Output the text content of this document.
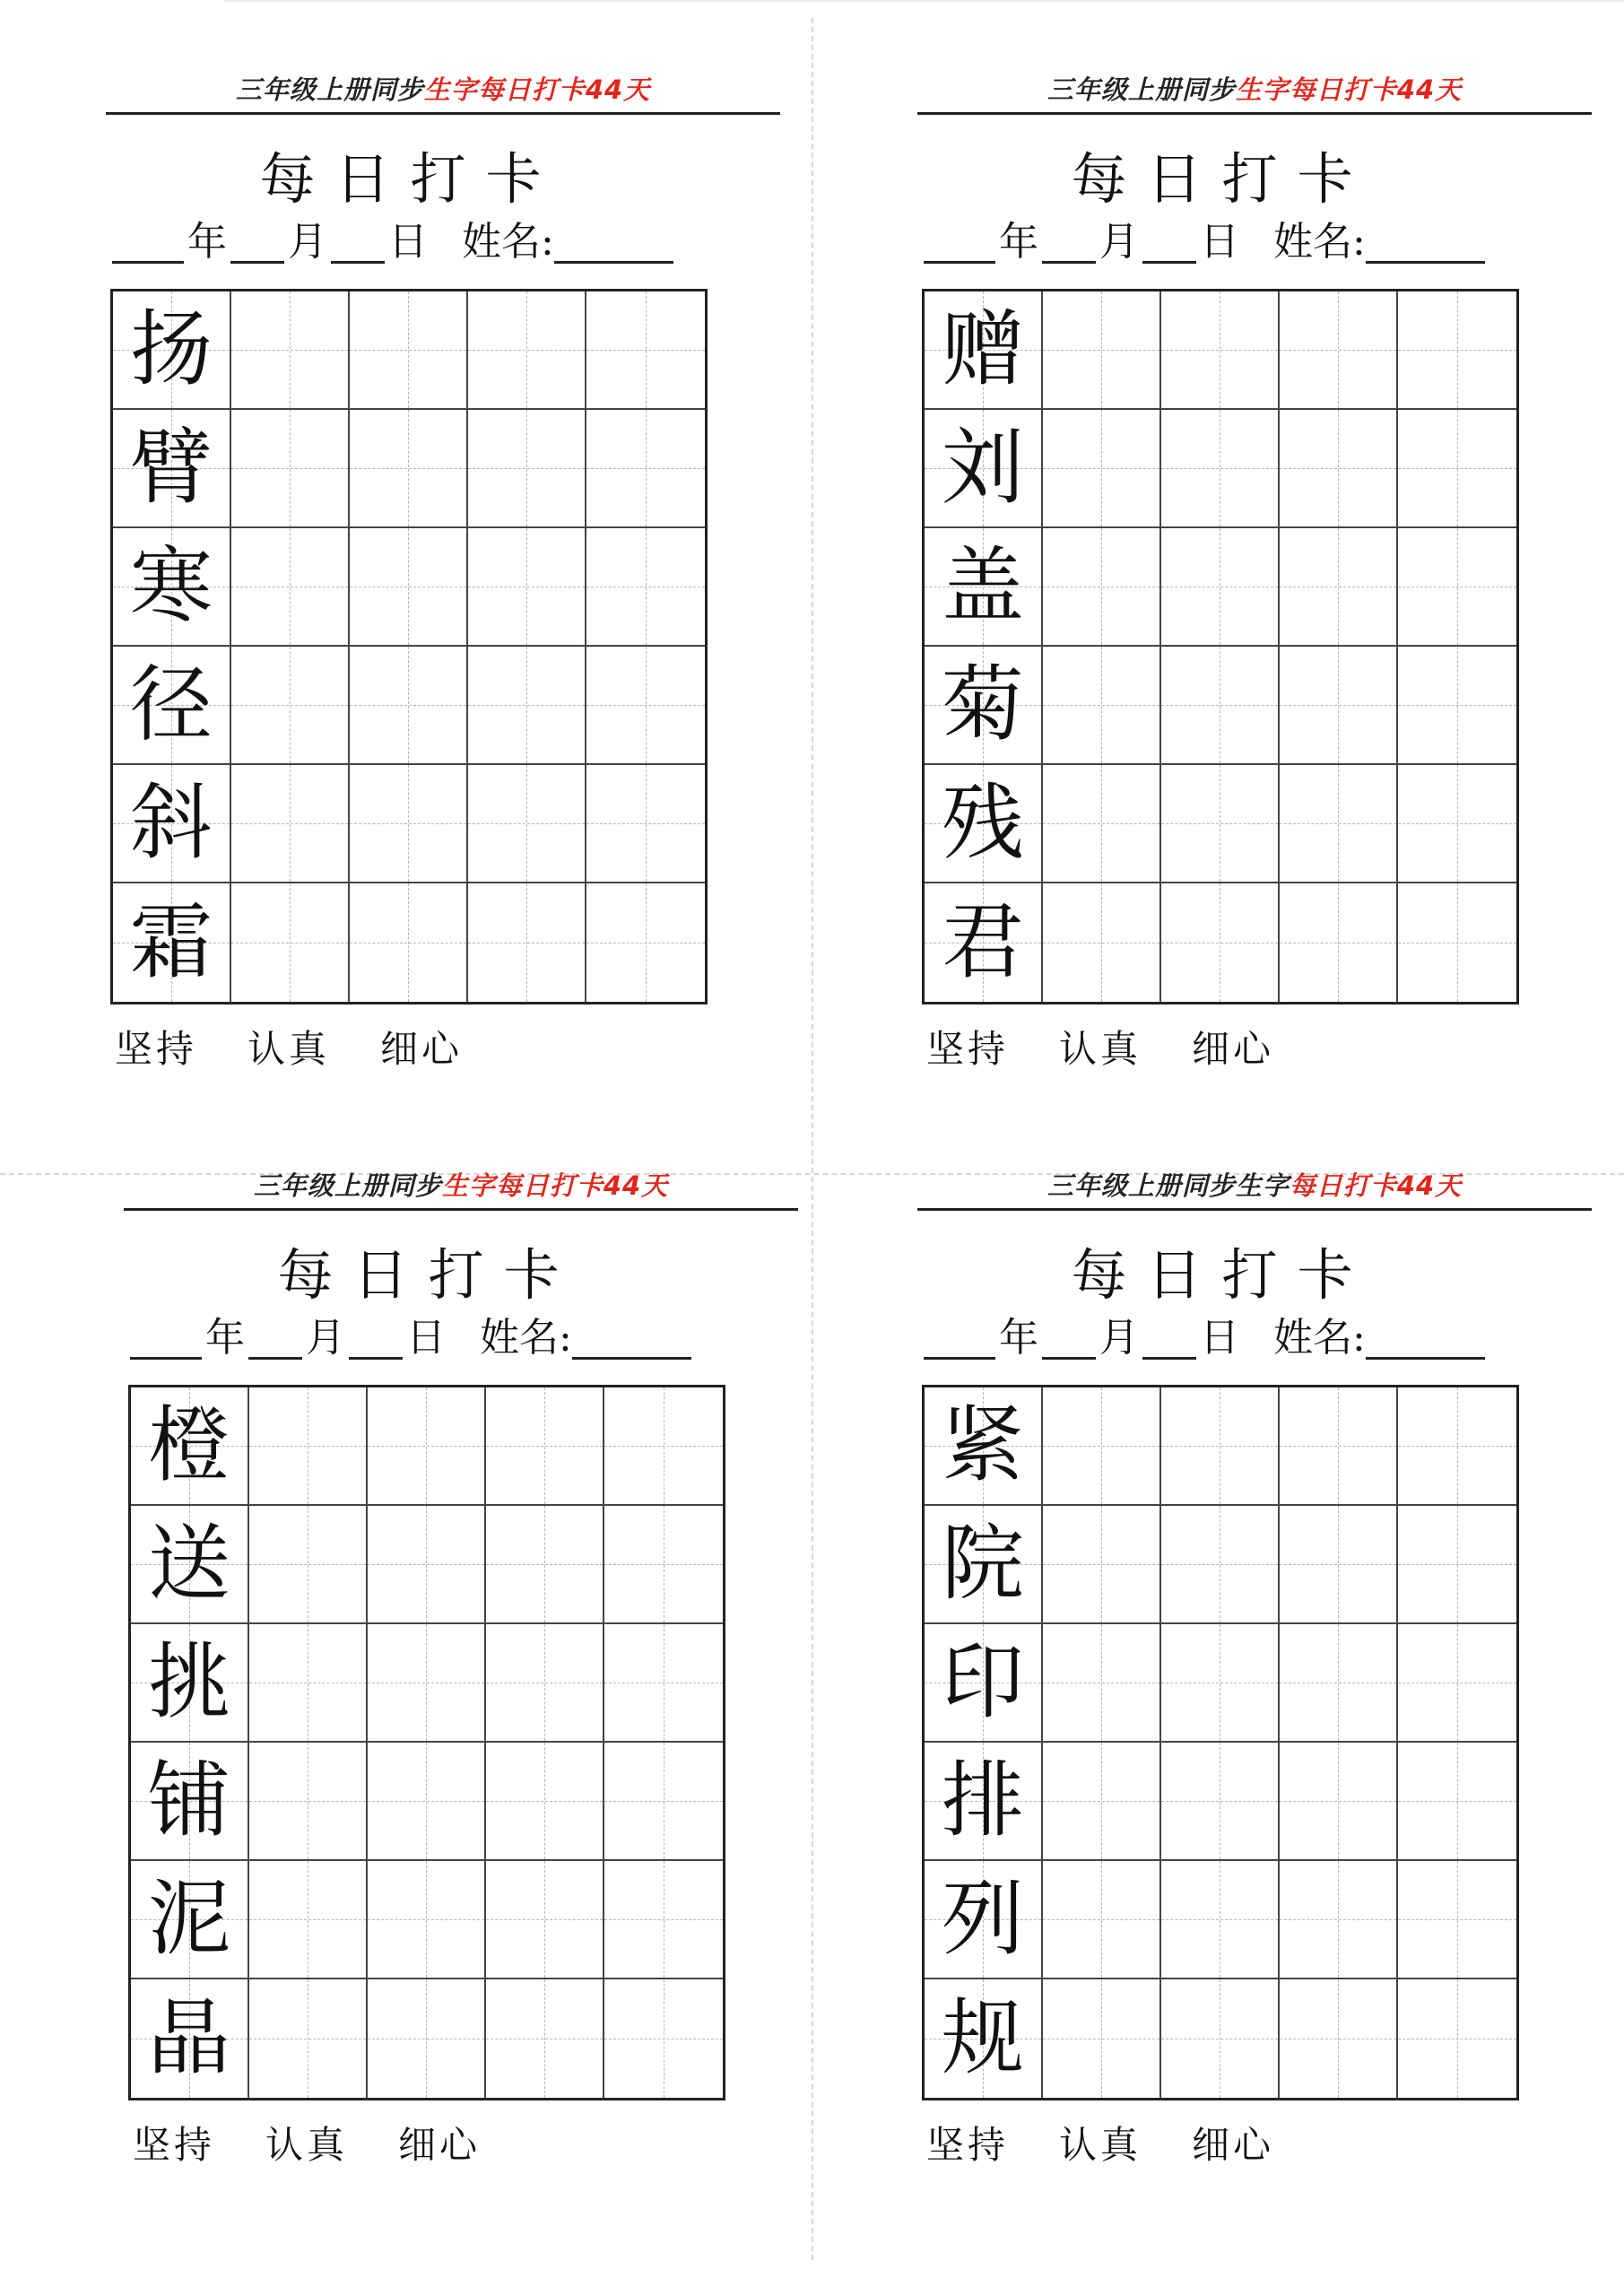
三年级上册同步生字每日打卡44天
每日打卡
年 月 日 姓名:
扬
臂
寒
径
斜
霜
坚持 认真 细心
三年级上册同步生字每日打卡44天
每日打卡
年 月 日 姓名:
赠
刘
盖
菊
残
君
坚持 认真 细心
三年级上册同步生字每日打卡44天
每日打卡
年 月 日 姓名:
橙
送
挑
铺
泥
晶
坚持 认真 细心
三年级上册同步生字每日打卡44天
每日打卡
年 月 日 姓名:
紧
院
印
排
列
规
坚持 认真 细心
